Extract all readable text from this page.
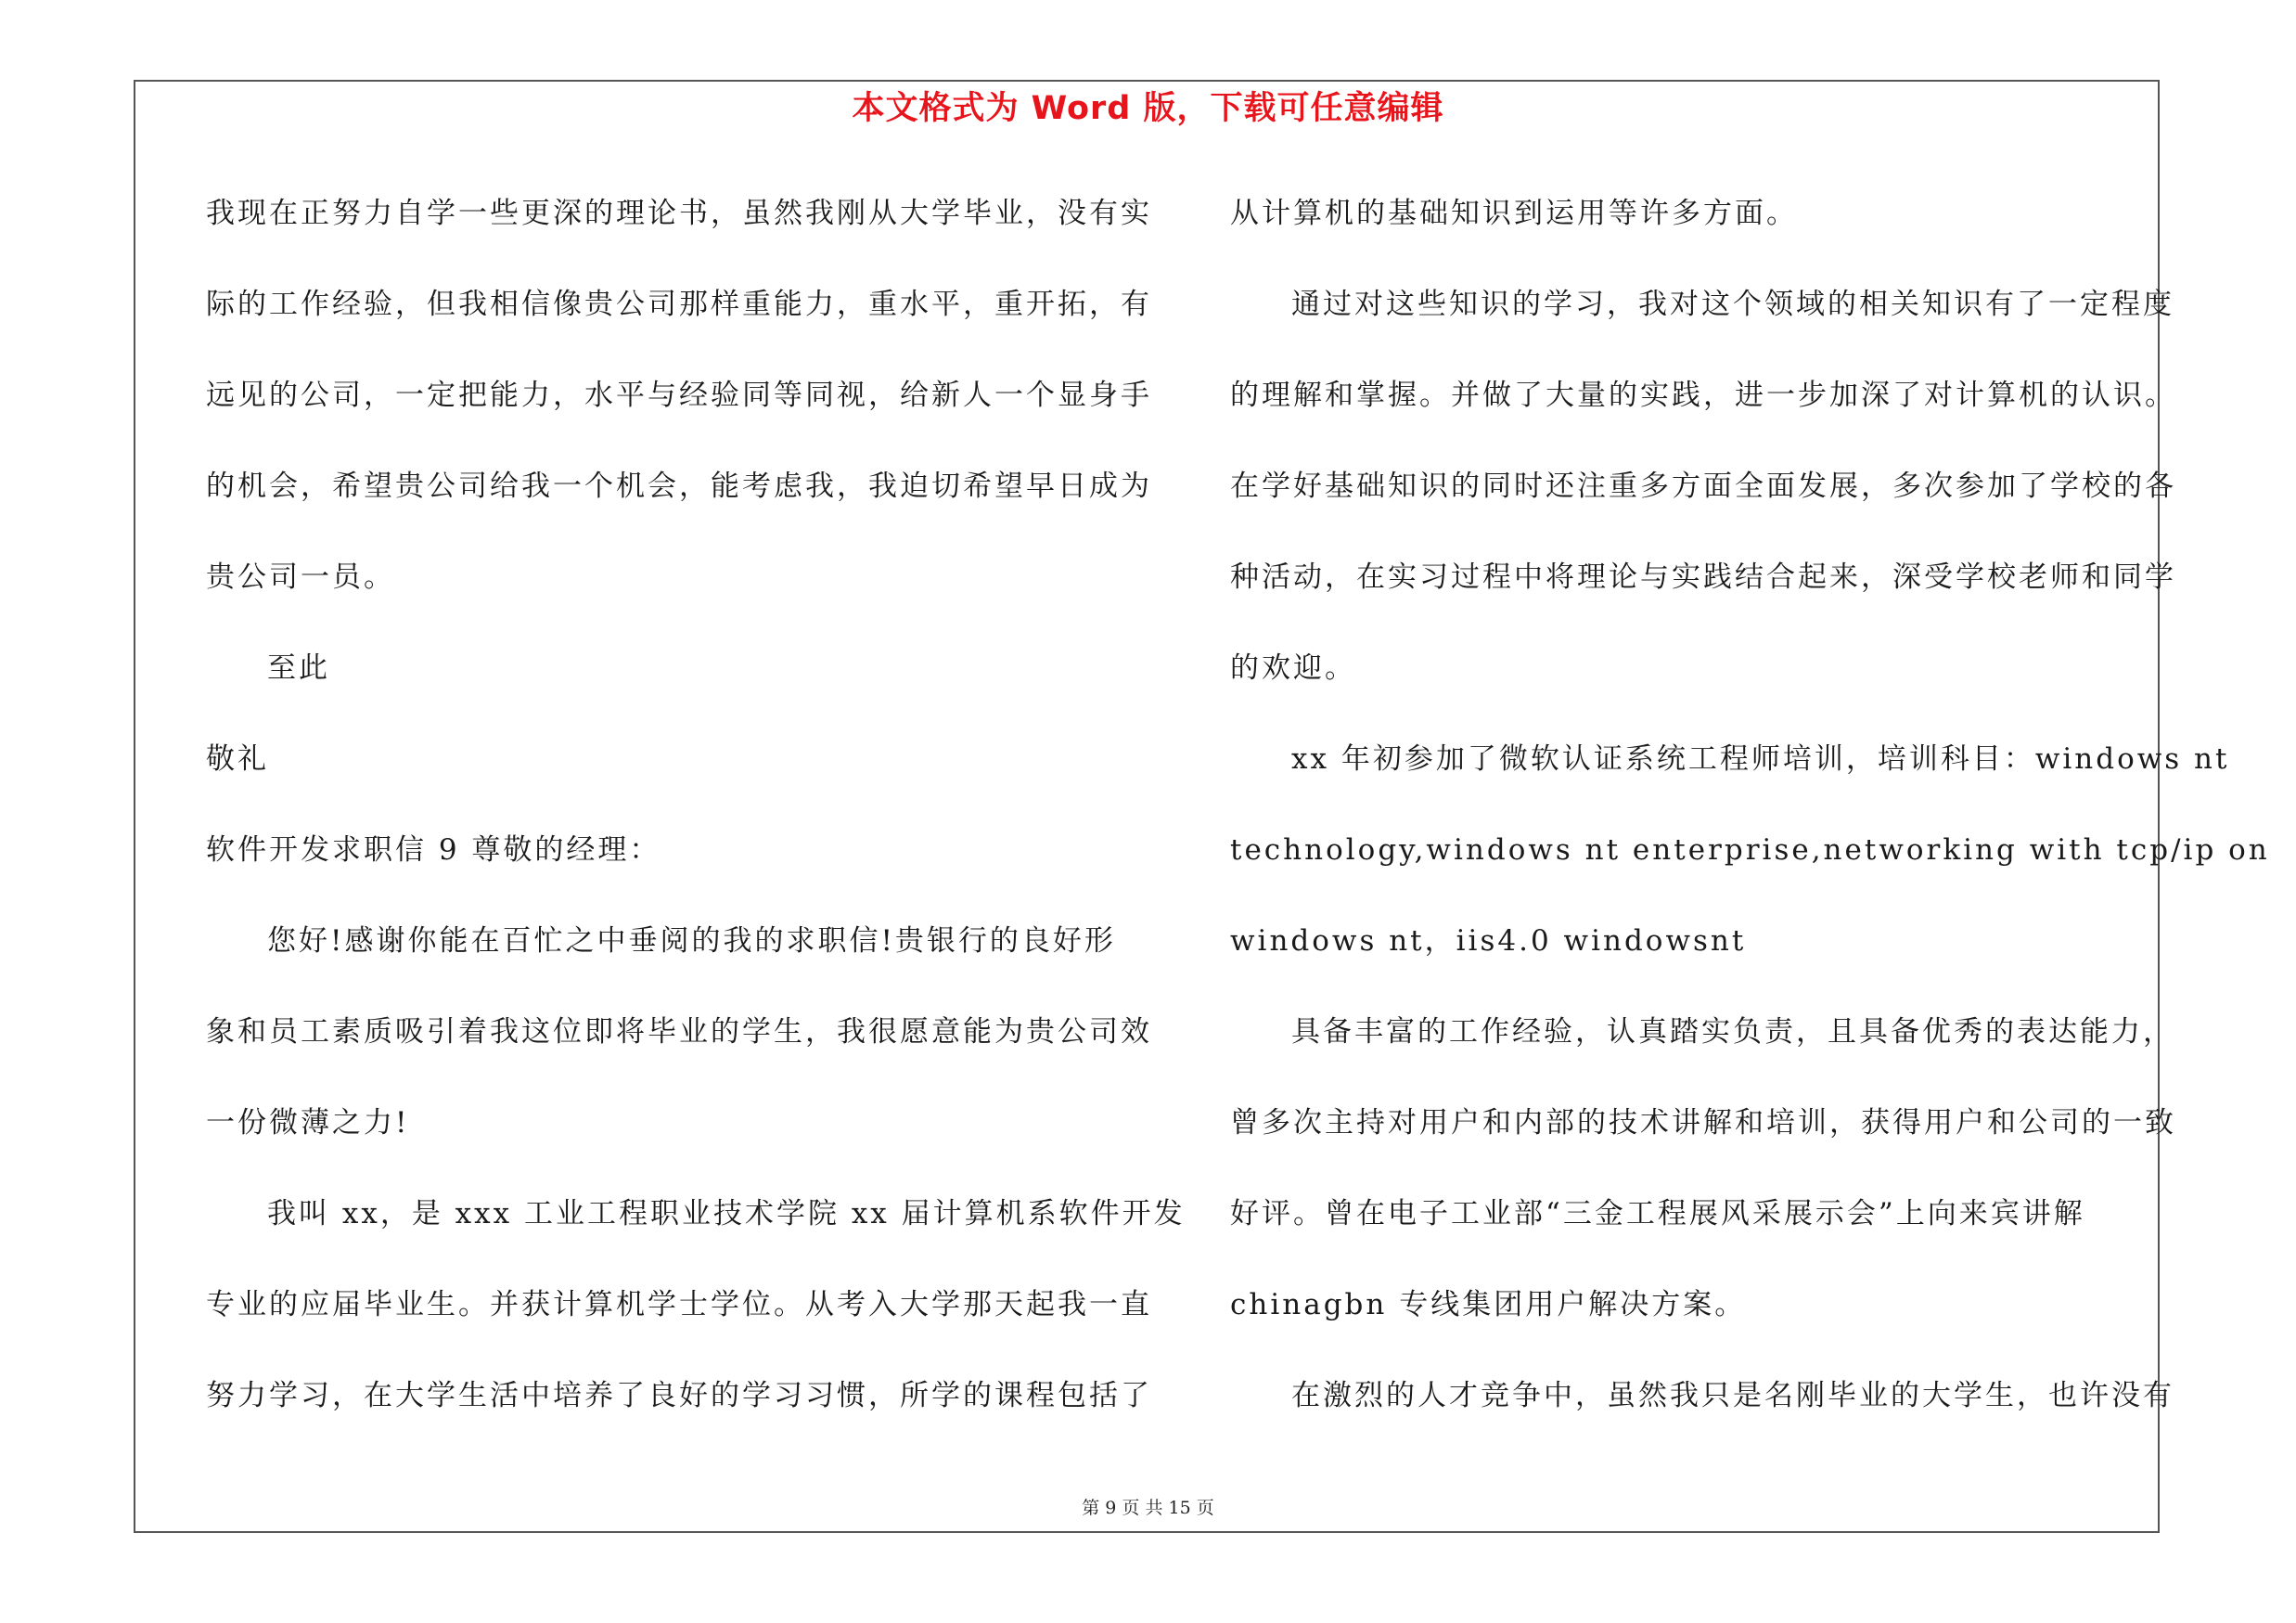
本文格式为 Word 版，下载可任意编辑
我现在正努力自学一些更深的理论书，虽然我刚从大学毕业，没有实
际的工作经验，但我相信像贵公司那样重能力，重水平，重开拓，有
远见的公司，一定把能力，水平与经验同等同视，给新人一个显身手
的机会，希望贵公司给我一个机会，能考虑我，我迫切希望早日成为
贵公司一员。
至此
敬礼
软件开发求职信 9 尊敬的经理：
您好!感谢你能在百忙之中垂阅的我的求职信!贵银行的良好形
象和员工素质吸引着我这位即将毕业的学生，我很愿意能为贵公司效
一份微薄之力!
我叫 xx，是 xxx 工业工程职业技术学院 xx 届计算机系软件开发
专业的应届毕业生。并获计算机学士学位。从考入大学那天起我一直
努力学习，在大学生活中培养了良好的学习习惯，所学的课程包括了
从计算机的基础知识到运用等许多方面。
通过对这些知识的学习，我对这个领域的相关知识有了一定程度
的理解和掌握。并做了大量的实践，进一步加深了对计算机的认识。
在学好基础知识的同时还注重多方面全面发展，多次参加了学校的各
种活动，在实习过程中将理论与实践结合起来，深受学校老师和同学
的欢迎。
xx 年初参加了微软认证系统工程师培训，培训科目：windows nt
technology,windows nt enterprise,networking with tcp/ip on
windows nt，iis4.0 windowsnt
具备丰富的工作经验，认真踏实负责，且具备优秀的表达能力，
曾多次主持对用户和内部的技术讲解和培训，获得用户和公司的一致
好评。曾在电子工业部“三金工程展风采展示会”上向来宾讲解
chinagbn 专线集团用户解决方案。
在激烈的人才竞争中，虽然我只是名刚毕业的大学生，也许没有
第 9 页 共 15 页
